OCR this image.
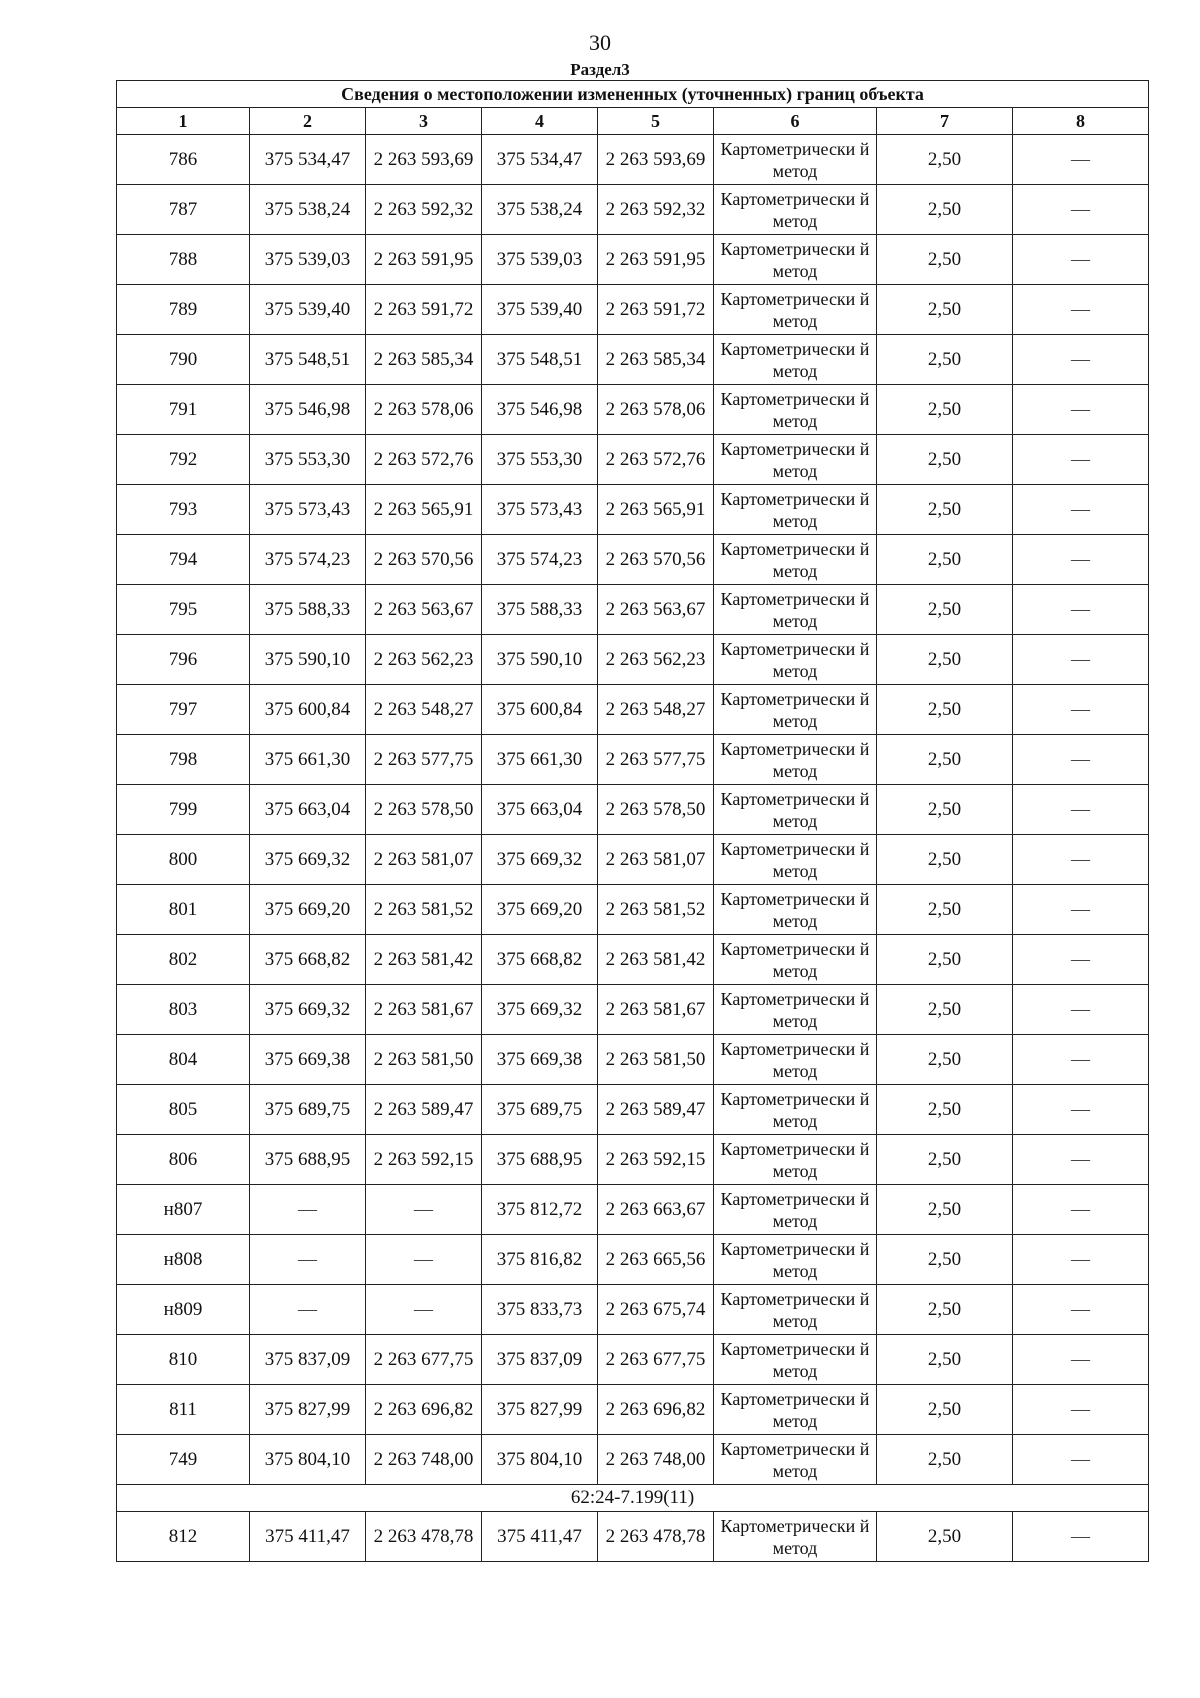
30
Раздел3
Сведения о местоположении измененных (уточненных) границ объекта							
1	2	3	4	5	6	7	8
786	375 534,47	2 263 593,69	375 534,47	2 263 593,69	Картометрически й метод	2,50	—
787	375 538,24	2 263 592,32	375 538,24	2 263 592,32	Картометрически й метод	2,50	—
788	375 539,03	2 263 591,95	375 539,03	2 263 591,95	Картометрически й метод	2,50	—
789	375 539,40	2 263 591,72	375 539,40	2 263 591,72	Картометрически й метод	2,50	—
790	375 548,51	2 263 585,34	375 548,51	2 263 585,34	Картометрически й метод	2,50	—
791	375 546,98	2 263 578,06	375 546,98	2 263 578,06	Картометрически й метод	2,50	—
792	375 553,30	2 263 572,76	375 553,30	2 263 572,76	Картометрически й метод	2,50	—
793	375 573,43	2 263 565,91	375 573,43	2 263 565,91	Картометрически й метод	2,50	—
794	375 574,23	2 263 570,56	375 574,23	2 263 570,56	Картометрически й метод	2,50	—
795	375 588,33	2 263 563,67	375 588,33	2 263 563,67	Картометрически й метод	2,50	—
796	375 590,10	2 263 562,23	375 590,10	2 263 562,23	Картометрически й метод	2,50	—
797	375 600,84	2 263 548,27	375 600,84	2 263 548,27	Картометрически й метод	2,50	—
798	375 661,30	2 263 577,75	375 661,30	2 263 577,75	Картометрически й метод	2,50	—
799	375 663,04	2 263 578,50	375 663,04	2 263 578,50	Картометрически й метод	2,50	—
800	375 669,32	2 263 581,07	375 669,32	2 263 581,07	Картометрически й метод	2,50	—
801	375 669,20	2 263 581,52	375 669,20	2 263 581,52	Картометрически й метод	2,50	—
802	375 668,82	2 263 581,42	375 668,82	2 263 581,42	Картометрически й метод	2,50	—
803	375 669,32	2 263 581,67	375 669,32	2 263 581,67	Картометрически й метод	2,50	—
804	375 669,38	2 263 581,50	375 669,38	2 263 581,50	Картометрически й метод	2,50	—
805	375 689,75	2 263 589,47	375 689,75	2 263 589,47	Картометрически й метод	2,50	—
806	375 688,95	2 263 592,15	375 688,95	2 263 592,15	Картометрически й метод	2,50	—
н807	—	—	375 812,72	2 263 663,67	Картометрически й метод	2,50	—
н808	—	—	375 816,82	2 263 665,56	Картометрически й метод	2,50	—
н809	—	—	375 833,73	2 263 675,74	Картометрически й метод	2,50	—
810	375 837,09	2 263 677,75	375 837,09	2 263 677,75	Картометрически й метод	2,50	—
811	375 827,99	2 263 696,82	375 827,99	2 263 696,82	Картометрически й метод	2,50	—
749	375 804,10	2 263 748,00	375 804,10	2 263 748,00	Картометрически й метод	2,50	—
62:24-7.199(11)							
812	375 411,47	2 263 478,78	375 411,47	2 263 478,78	Картометрически й метод	2,50	—
